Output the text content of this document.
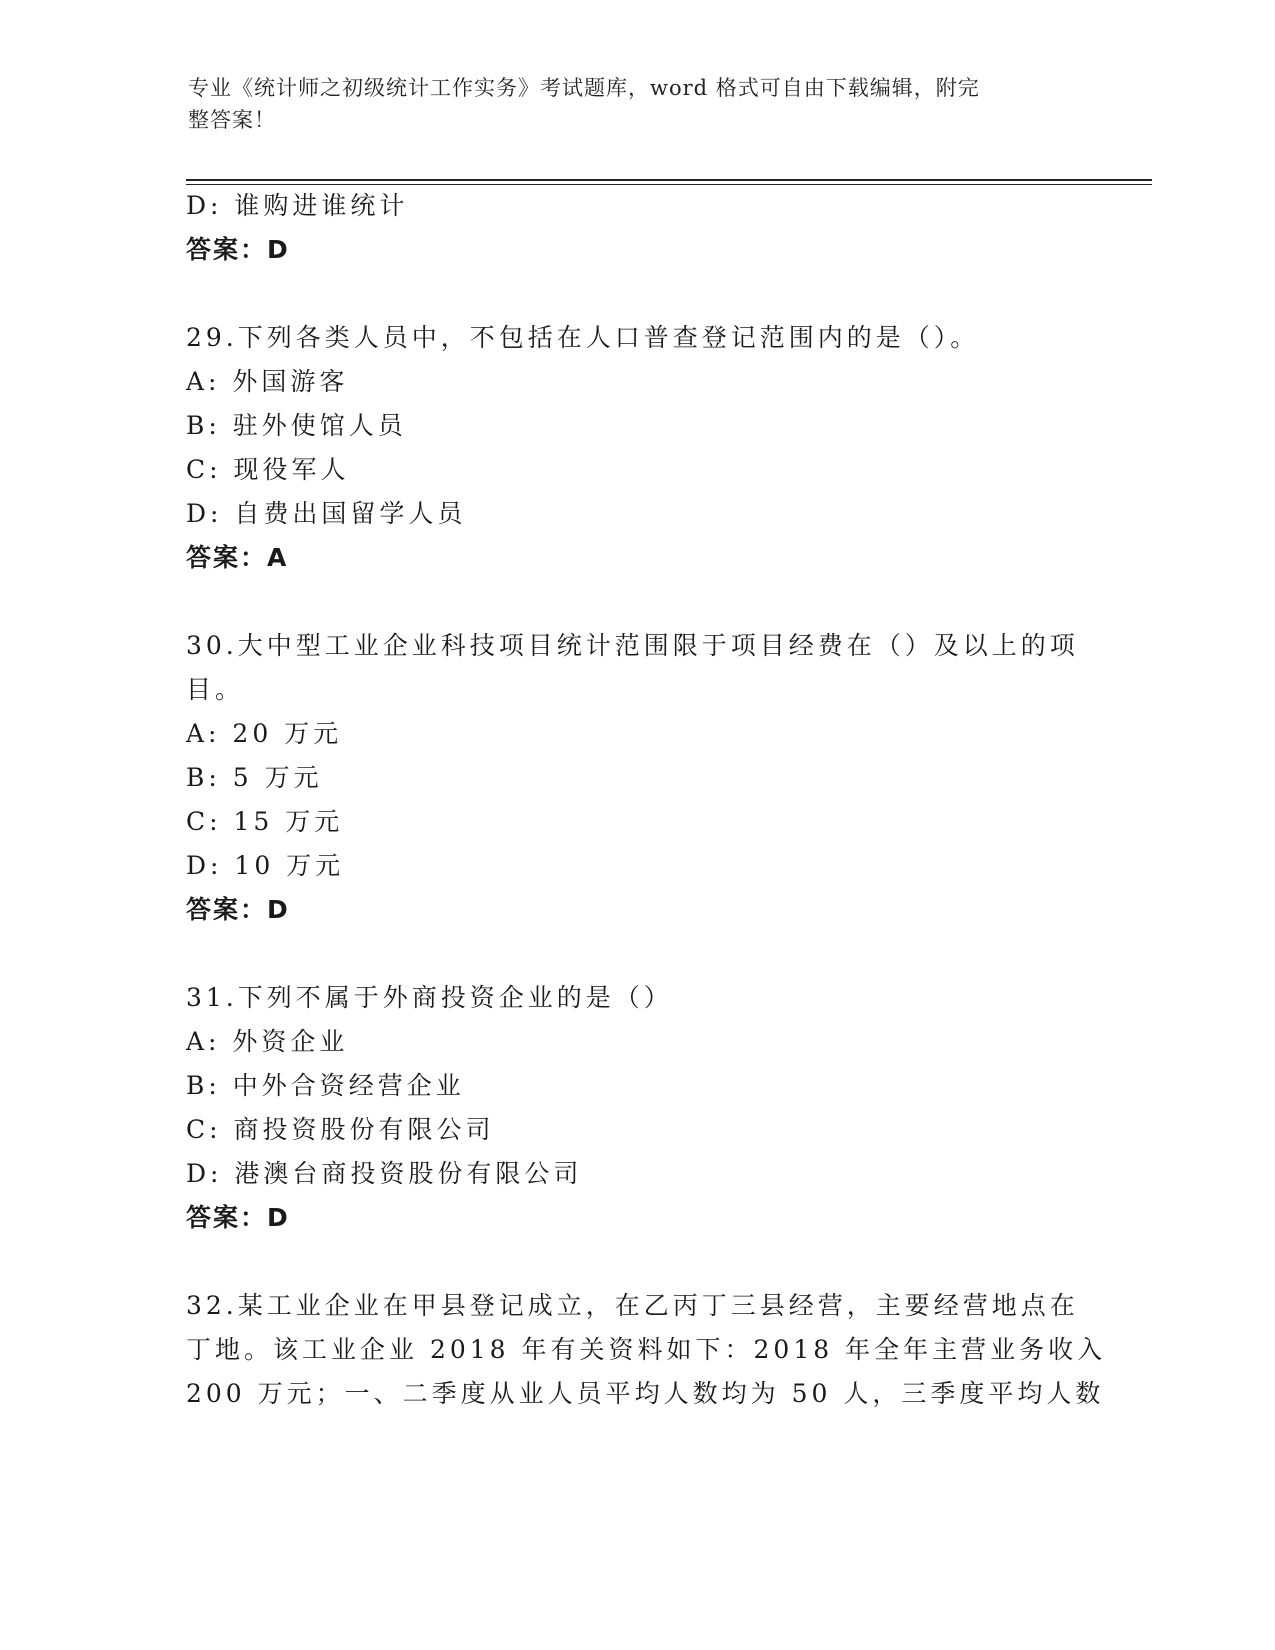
专业《统计师之初级统计工作实务》考试题库，word 格式可自由下载编辑，附完
整答案！
D: 谁购进谁统计
答案：D
29.下列各类人员中，不包括在人口普查登记范围内的是（）。
A: 外国游客
B: 驻外使馆人员
C: 现役军人
D: 自费出国留学人员
答案：A
30.大中型工业企业科技项目统计范围限于项目经费在（）及以上的项
目。
A: 20 万元
B: 5 万元
C: 15 万元
D: 10 万元
答案：D
31.下列不属于外商投资企业的是（）
A: 外资企业
B: 中外合资经营企业
C: 商投资股份有限公司
D: 港澳台商投资股份有限公司
答案：D
32.某工业企业在甲县登记成立，在乙丙丁三县经营，主要经营地点在
丁地。该工业企业 2018 年有关资料如下：2018 年全年主营业务收入
200 万元；一、二季度从业人员平均人数均为 50 人，三季度平均人数
